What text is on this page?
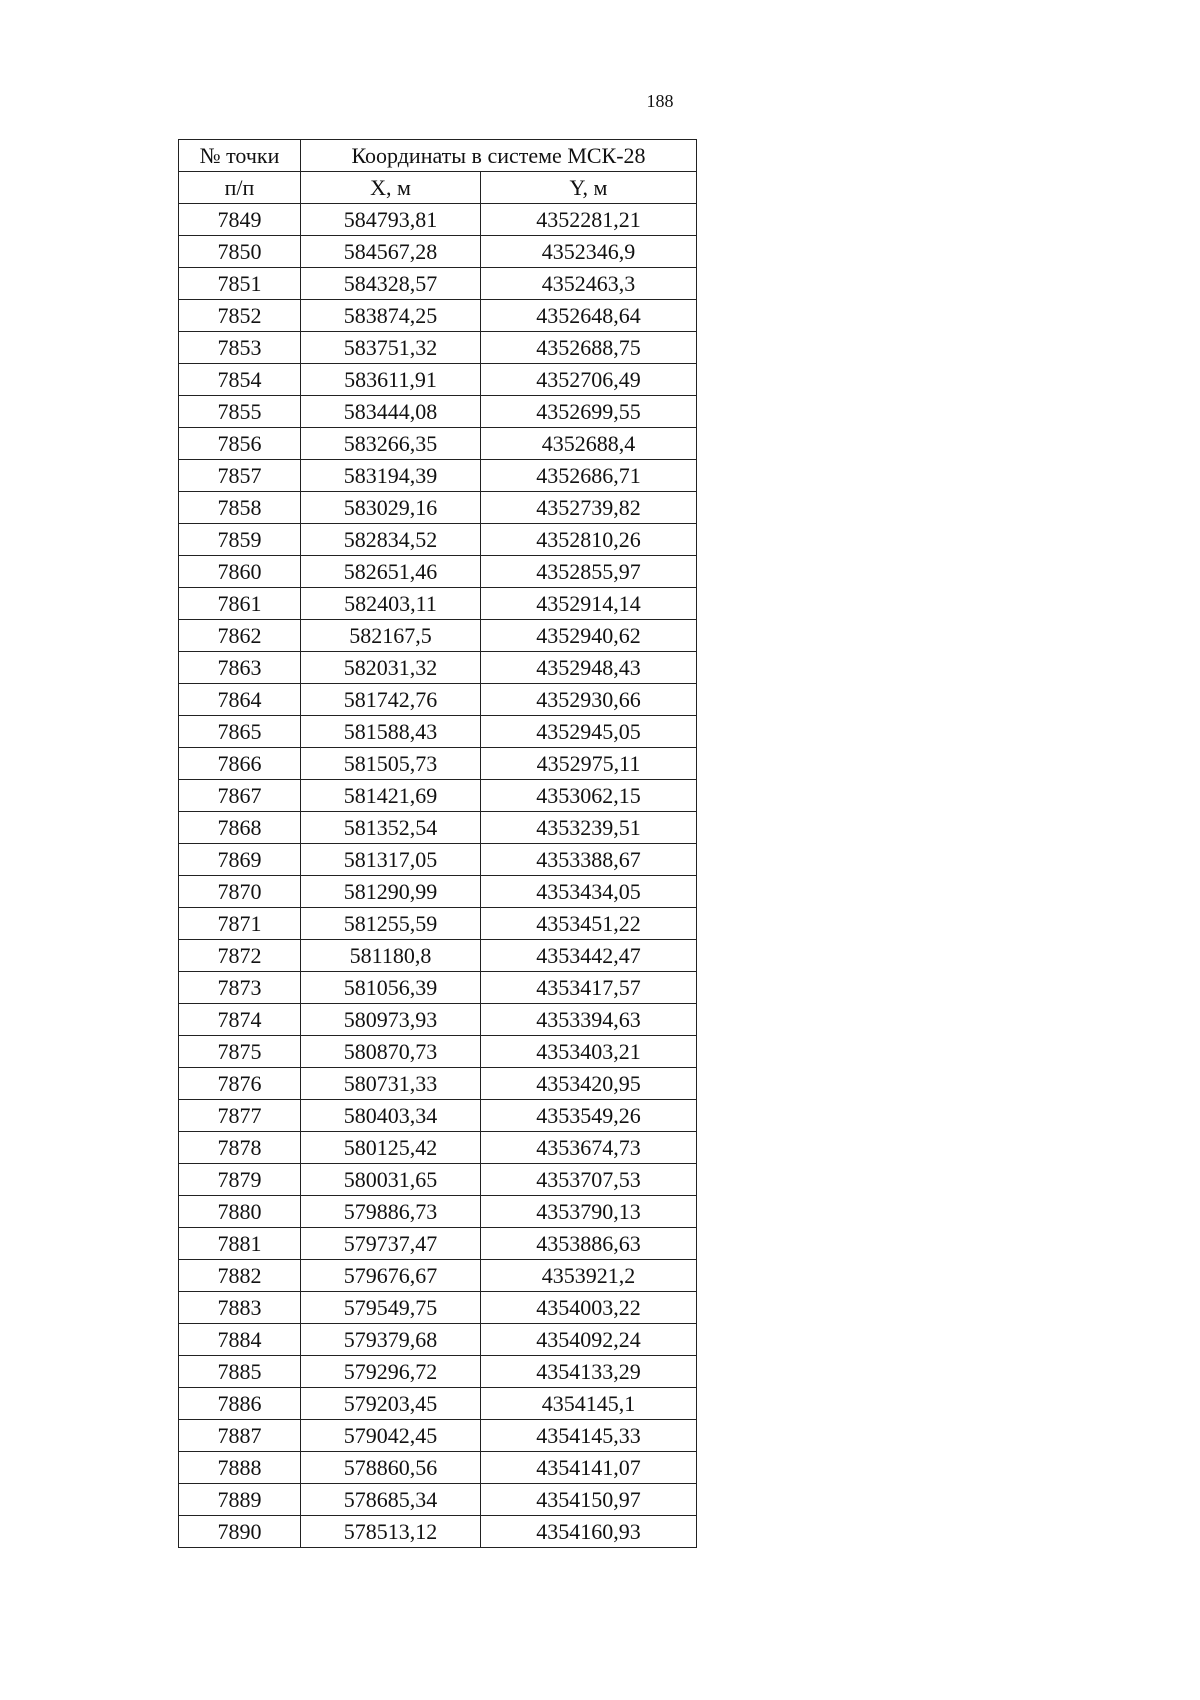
188
№ точки	Координаты в системе МСК-28	
п/п	X, м	Y, м
7849	584793,81	4352281,21
7850	584567,28	4352346,9
7851	584328,57	4352463,3
7852	583874,25	4352648,64
7853	583751,32	4352688,75
7854	583611,91	4352706,49
7855	583444,08	4352699,55
7856	583266,35	4352688,4
7857	583194,39	4352686,71
7858	583029,16	4352739,82
7859	582834,52	4352810,26
7860	582651,46	4352855,97
7861	582403,11	4352914,14
7862	582167,5	4352940,62
7863	582031,32	4352948,43
7864	581742,76	4352930,66
7865	581588,43	4352945,05
7866	581505,73	4352975,11
7867	581421,69	4353062,15
7868	581352,54	4353239,51
7869	581317,05	4353388,67
7870	581290,99	4353434,05
7871	581255,59	4353451,22
7872	581180,8	4353442,47
7873	581056,39	4353417,57
7874	580973,93	4353394,63
7875	580870,73	4353403,21
7876	580731,33	4353420,95
7877	580403,34	4353549,26
7878	580125,42	4353674,73
7879	580031,65	4353707,53
7880	579886,73	4353790,13
7881	579737,47	4353886,63
7882	579676,67	4353921,2
7883	579549,75	4354003,22
7884	579379,68	4354092,24
7885	579296,72	4354133,29
7886	579203,45	4354145,1
7887	579042,45	4354145,33
7888	578860,56	4354141,07
7889	578685,34	4354150,97
7890	578513,12	4354160,93
